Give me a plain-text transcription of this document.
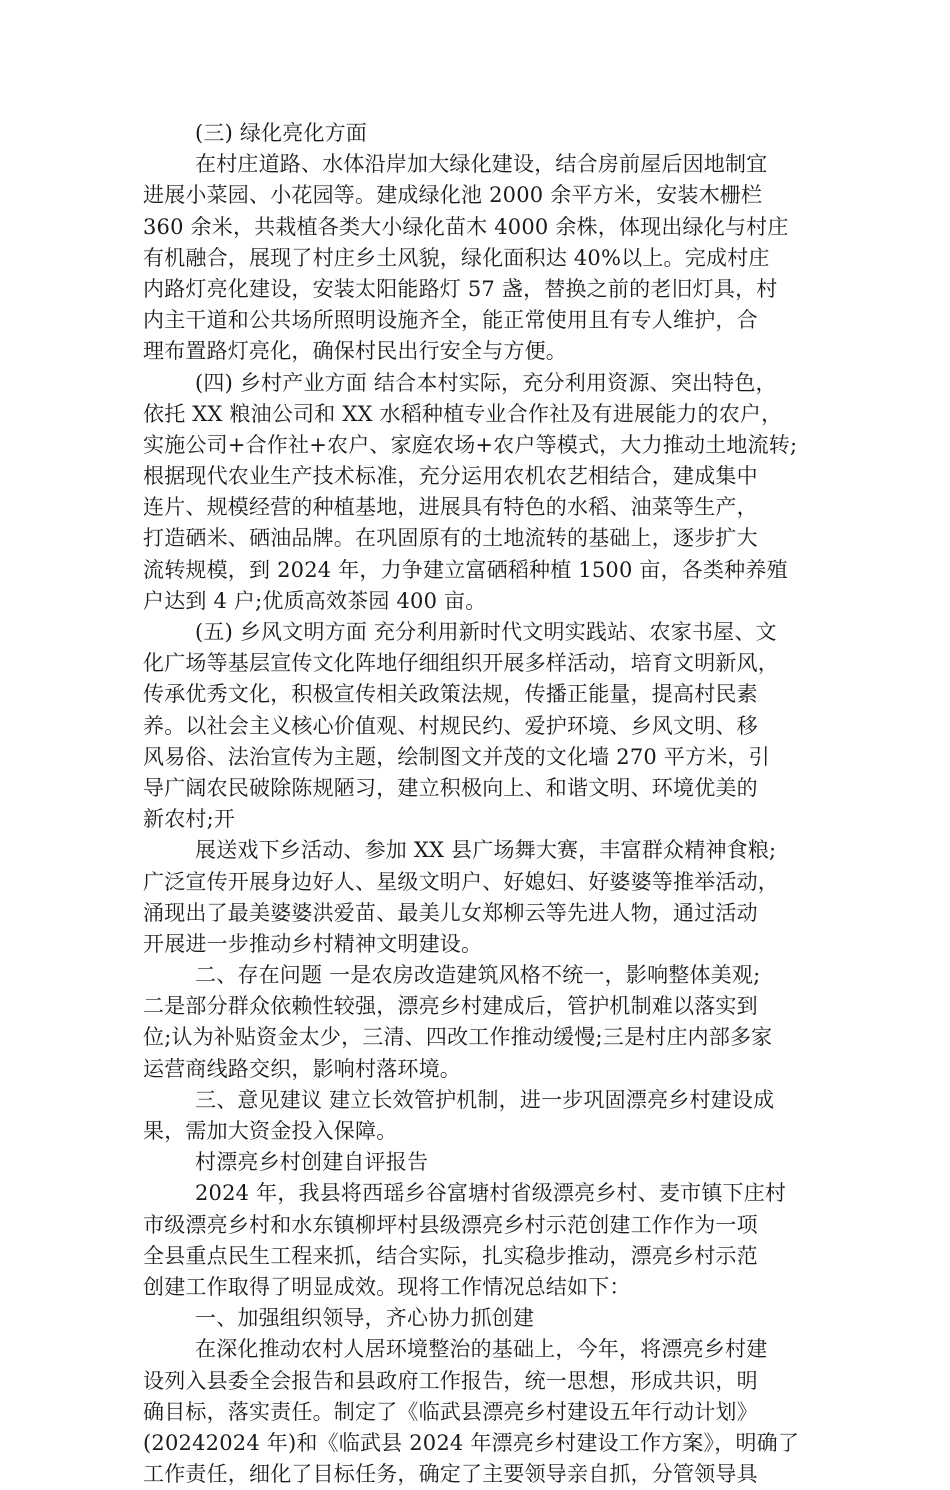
(三) 绿化亮化方面
在村庄道路、水体沿岸加大绿化建设，结合房前屋后因地制宜
进展小菜园、小花园等。建成绿化池 2000 余平方米，安装木栅栏
360 余米，共栽植各类大小绿化苗木 4000 余株，体现出绿化与村庄
有机融合，展现了村庄乡土风貌，绿化面积达 40%以上。完成村庄
内路灯亮化建设，安装太阳能路灯 57 盏，替换之前的老旧灯具，村
内主干道和公共场所照明设施齐全，能正常使用且有专人维护，合
理布置路灯亮化，确保村民出行安全与方便。
(四) 乡村产业方面 结合本村实际，充分利用资源、突出特色，
依托 XX 粮油公司和 XX 水稻种植专业合作社及有进展能力的农户，
实施公司+合作社+农户、家庭农场+农户等模式，大力推动土地流转;
根据现代农业生产技术标准，充分运用农机农艺相结合，建成集中
连片、规模经营的种植基地，进展具有特色的水稻、油菜等生产，
打造硒米、硒油品牌。在巩固原有的土地流转的基础上，逐步扩大
流转规模，到 2024 年，力争建立富硒稻种植 1500 亩，各类种养殖
户达到 4 户;优质高效茶园 400 亩。
(五) 乡风文明方面 充分利用新时代文明实践站、农家书屋、文
化广场等基层宣传文化阵地仔细组织开展多样活动，培育文明新风，
传承优秀文化，积极宣传相关政策法规，传播正能量，提高村民素
养。以社会主义核心价值观、村规民约、爱护环境、乡风文明、移
风易俗、法治宣传为主题，绘制图文并茂的文化墙 270 平方米，引
导广阔农民破除陈规陋习，建立积极向上、和谐文明、环境优美的
新农村;开
展送戏下乡活动、参加 XX 县广场舞大赛，丰富群众精神食粮;
广泛宣传开展身边好人、星级文明户、好媳妇、好婆婆等推举活动，
涌现出了最美婆婆洪爱苗、最美儿女郑柳云等先进人物，通过活动
开展进一步推动乡村精神文明建设。
二、存在问题 一是农房改造建筑风格不统一，影响整体美观;
二是部分群众依赖性较强，漂亮乡村建成后，管护机制难以落实到
位;认为补贴资金太少，三清、四改工作推动缓慢;三是村庄内部多家
运营商线路交织，影响村落环境。
三、意见建议 建立长效管护机制，进一步巩固漂亮乡村建设成
果，需加大资金投入保障。
村漂亮乡村创建自评报告
2024 年，我县将西瑶乡谷富塘村省级漂亮乡村、麦市镇下庄村
市级漂亮乡村和水东镇柳坪村县级漂亮乡村示范创建工作作为一项
全县重点民生工程来抓，结合实际，扎实稳步推动，漂亮乡村示范
创建工作取得了明显成效。现将工作情况总结如下：
一、加强组织领导，齐心协力抓创建
在深化推动农村人居环境整治的基础上，今年，将漂亮乡村建
设列入县委全会报告和县政府工作报告，统一思想，形成共识，明
确目标，落实责任。制定了《临武县漂亮乡村建设五年行动计划》
(20242024 年)和《临武县 2024 年漂亮乡村建设工作方案》，明确了
工作责任，细化了目标任务，确定了主要领导亲自抓，分管领导具
